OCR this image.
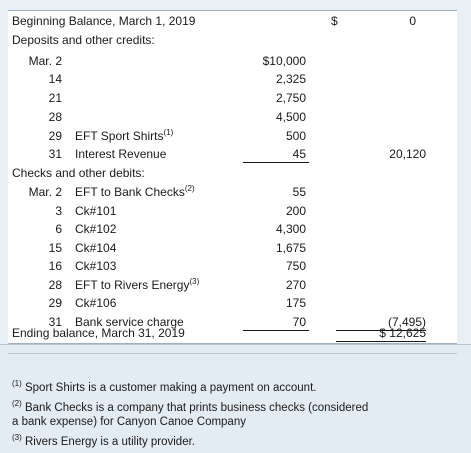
Beginning Balance, March 1, 2019	$	0
Deposits and other credits:
Mar. 2	$10,000
14	2,325
21	2,750
28	4,500
29 EFT Sport Shirts$^{(1)}$	500
31 Interest Revenue	45	20,120
Checks and other debits:
Mar. 2 EFT to Bank Checks$^{(2)}$	55
3 Ck#101	200
6 Ck#102	4,300
15 Ck#104	1,675
16 Ck#103	750
28 EFT to Rivers Energy$^{(3)}$	270
29 Ck#106	175
31 Bank service charge	70	(7,495)
Ending balance, March 31, 2019	$ 12,625
$^{(1)}$ Sport Shirts is a customer making a payment on account.
$^{(2)}$ Bank Checks is a company that prints business checks (considered
a bank expense) for Canyon Canoe Company
$^{(3)}$ Rivers Energy is a utility provider.
